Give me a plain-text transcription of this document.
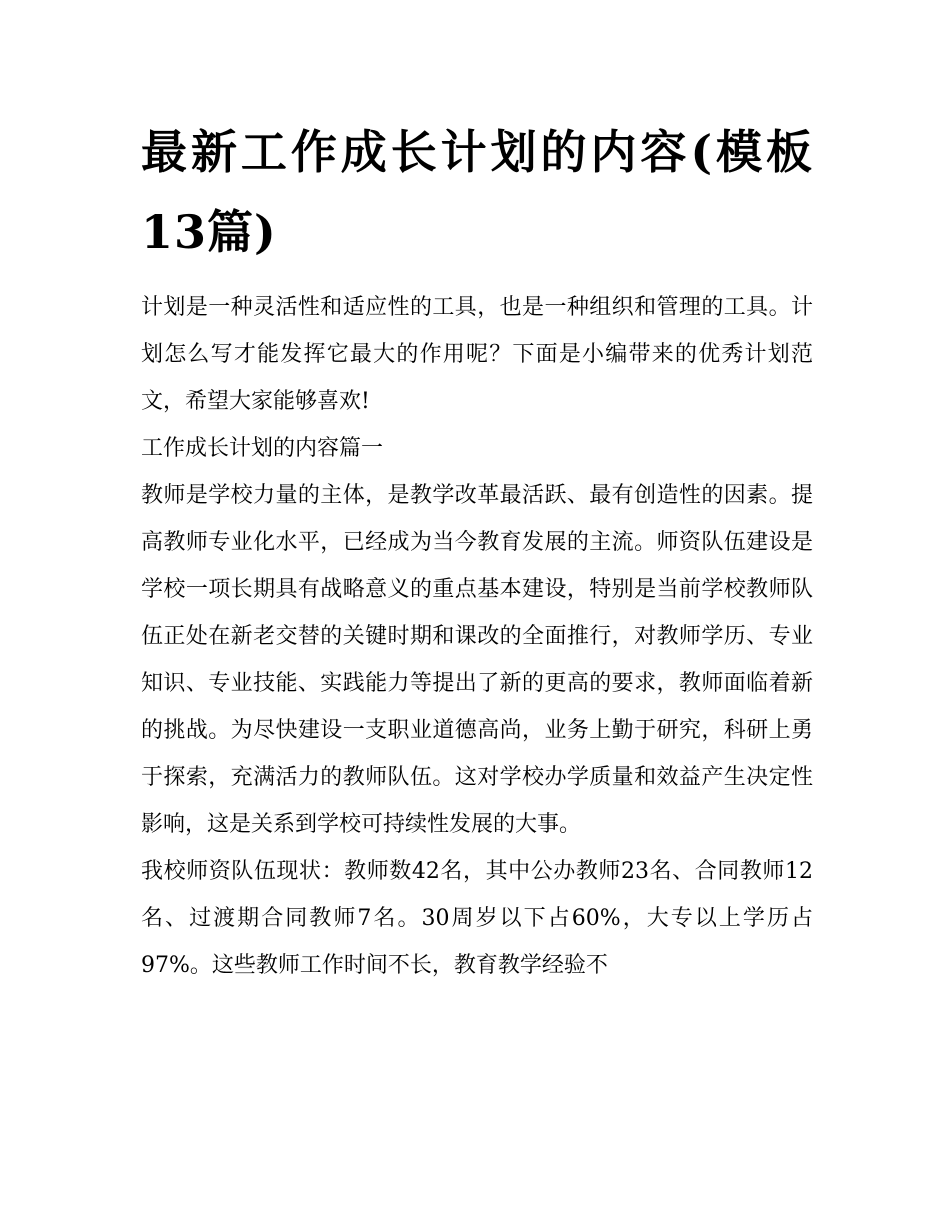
最新工作成长计划的内容(模板13篇)

计划是一种灵活性和适应性的工具，也是一种组织和管理的工具。计划怎么写才能发挥它最大的作用呢？下面是小编带来的优秀计划范文，希望大家能够喜欢!

工作成长计划的内容篇一

教师是学校力量的主体，是教学改革最活跃、最有创造性的因素。提高教师专业化水平，已经成为当今教育发展的主流。师资队伍建设是学校一项长期具有战略意义的重点基本建设，特别是当前学校教师队伍正处在新老交替的关键时期和课改的全面推行，对教师学历、专业知识、专业技能、实践能力等提出了新的更高的要求，教师面临着新的挑战。为尽快建设一支职业道德高尚，业务上勤于研究，科研上勇于探索，充满活力的教师队伍。这对学校办学质量和效益产生决定性影响，这是关系到学校可持续性发展的大事。

我校师资队伍现状：教师数42名，其中公办教师23名、合同教师12名、过渡期合同教师7名。30周岁以下占60%，大专以上学历占97%。这些教师工作时间不长，教育教学经验不
